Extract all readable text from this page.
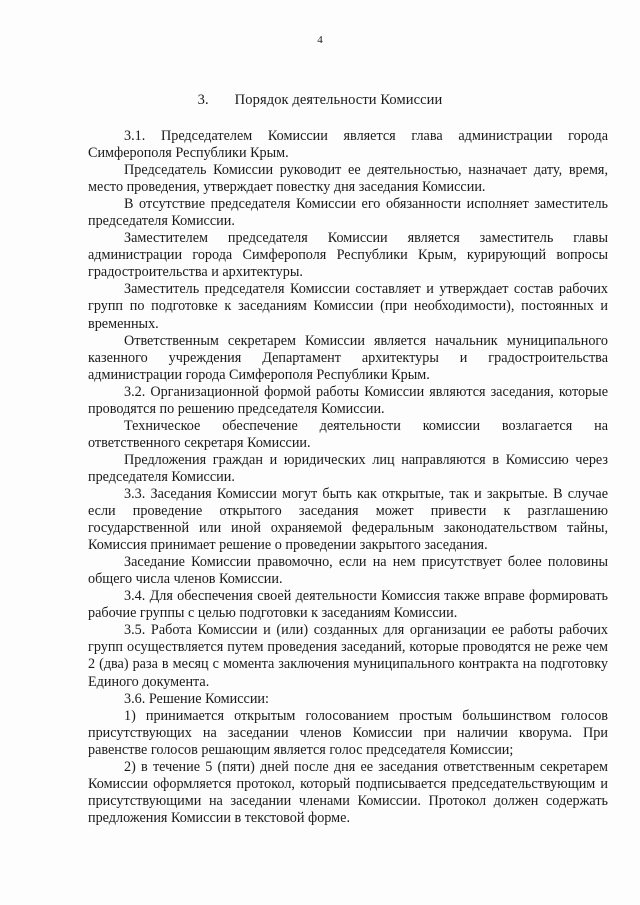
4
3. Порядок деятельности Комиссии

3.1. Председателем Комиссии является глава администрации города Симферополя Республики Крым.

Председатель Комиссии руководит ее деятельностью, назначает дату, время, место проведения, утверждает повестку дня заседания Комиссии.

В отсутствие председателя Комиссии его обязанности исполняет заместитель председателя Комиссии.

Заместителем председателя Комиссии является заместитель главы администрации города Симферополя Республики Крым, курирующий вопросы градостроительства и архитектуры.

Заместитель председателя Комиссии составляет и утверждает состав рабочих групп по подготовке к заседаниям Комиссии (при необходимости), постоянных и временных.

Ответственным секретарем Комиссии является начальник муниципального казенного учреждения Департамент архитектуры и градостроительства администрации города Симферополя Республики Крым.

3.2. Организационной формой работы Комиссии являются заседания, которые проводятся по решению председателя Комиссии.

Техническое обеспечение деятельности комиссии возлагается на ответственного секретаря Комиссии.

Предложения граждан и юридических лиц направляются в Комиссию через председателя Комиссии.

3.3. Заседания Комиссии могут быть как открытые, так и закрытые. В случае если проведение открытого заседания может привести к разглашению государственной или иной охраняемой федеральным законодательством тайны, Комиссия принимает решение о проведении закрытого заседания.

Заседание Комиссии правомочно, если на нем присутствует более половины общего числа членов Комиссии.

3.4. Для обеспечения своей деятельности Комиссия также вправе формировать рабочие группы с целью подготовки к заседаниям Комиссии.

3.5. Работа Комиссии и (или) созданных для организации ее работы рабочих групп осуществляется путем проведения заседаний, которые проводятся не реже чем 2 (два) раза в месяц с момента заключения муниципального контракта на подготовку Единого документа.

3.6. Решение Комиссии:

1) принимается открытым голосованием простым большинством голосов присутствующих на заседании членов Комиссии при наличии кворума. При равенстве голосов решающим является голос председателя Комиссии;

2) в течение 5 (пяти) дней после дня ее заседания ответственным секретарем Комиссии оформляется протокол, который подписывается председательствующим и присутствующими на заседании членами Комиссии. Протокол должен содержать предложения Комиссии в текстовой форме.
